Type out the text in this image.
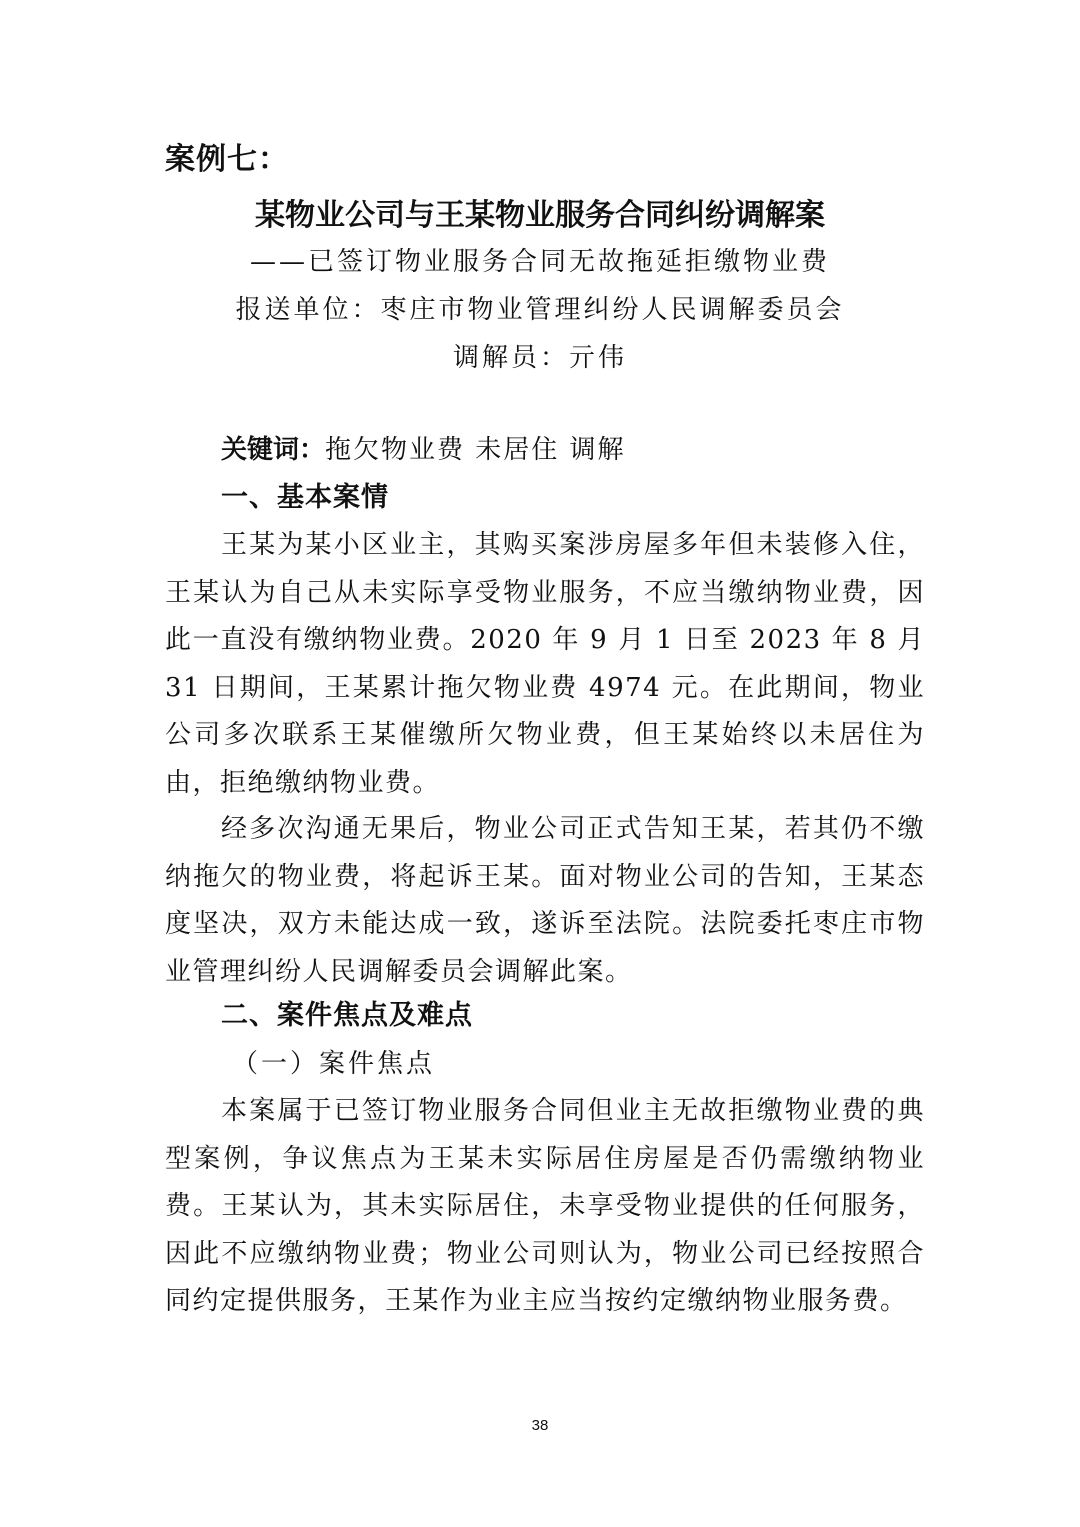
案例七：
某物业公司与王某物业服务合同纠纷调解案
——已签订物业服务合同无故拖延拒缴物业费
报送单位：枣庄市物业管理纠纷人民调解委员会
调解员：亓伟
关键词：拖欠物业费 未居住 调解
一、基本案情

王某为某小区业主，其购买案涉房屋多年但未装修入住，王某认为自己从未实际享受物业服务，不应当缴纳物业费，因此一直没有缴纳物业费。2020 年 9 月 1 日至 2023 年 8 月 31 日期间，王某累计拖欠物业费 4974 元。在此期间，物业公司多次联系王某催缴所欠物业费，但王某始终以未居住为由，拒绝缴纳物业费。

经多次沟通无果后，物业公司正式告知王某，若其仍不缴纳拖欠的物业费，将起诉王某。面对物业公司的告知，王某态度坚决，双方未能达成一致，遂诉至法院。法院委托枣庄市物业管理纠纷人民调解委员会调解此案。

二、案件焦点及难点
（一）案件焦点

本案属于已签订物业服务合同但业主无故拒缴物业费的典型案例，争议焦点为王某未实际居住房屋是否仍需缴纳物业费。王某认为，其未实际居住，未享受物业提供的任何服务，因此不应缴纳物业费；物业公司则认为，物业公司已经按照合同约定提供服务，王某作为业主应当按约定缴纳物业服务费。

38
